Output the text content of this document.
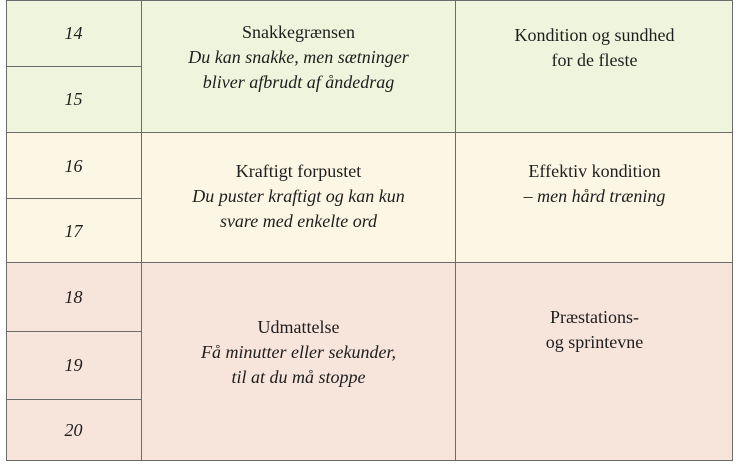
14
15
Snakkegrænsen
Du kan snakke, men sætninger
bliver afbrudt af åndedrag
Kondition og sundhed
for de fleste
16
17
Kraftigt forpustet
Du puster kraftigt og kan kun
svare med enkelte ord
Effektiv kondition
– men hård træning
18
19
20
Udmattelse
Få minutter eller sekunder,
til at du må stoppe
Præstations-
og sprintevne
